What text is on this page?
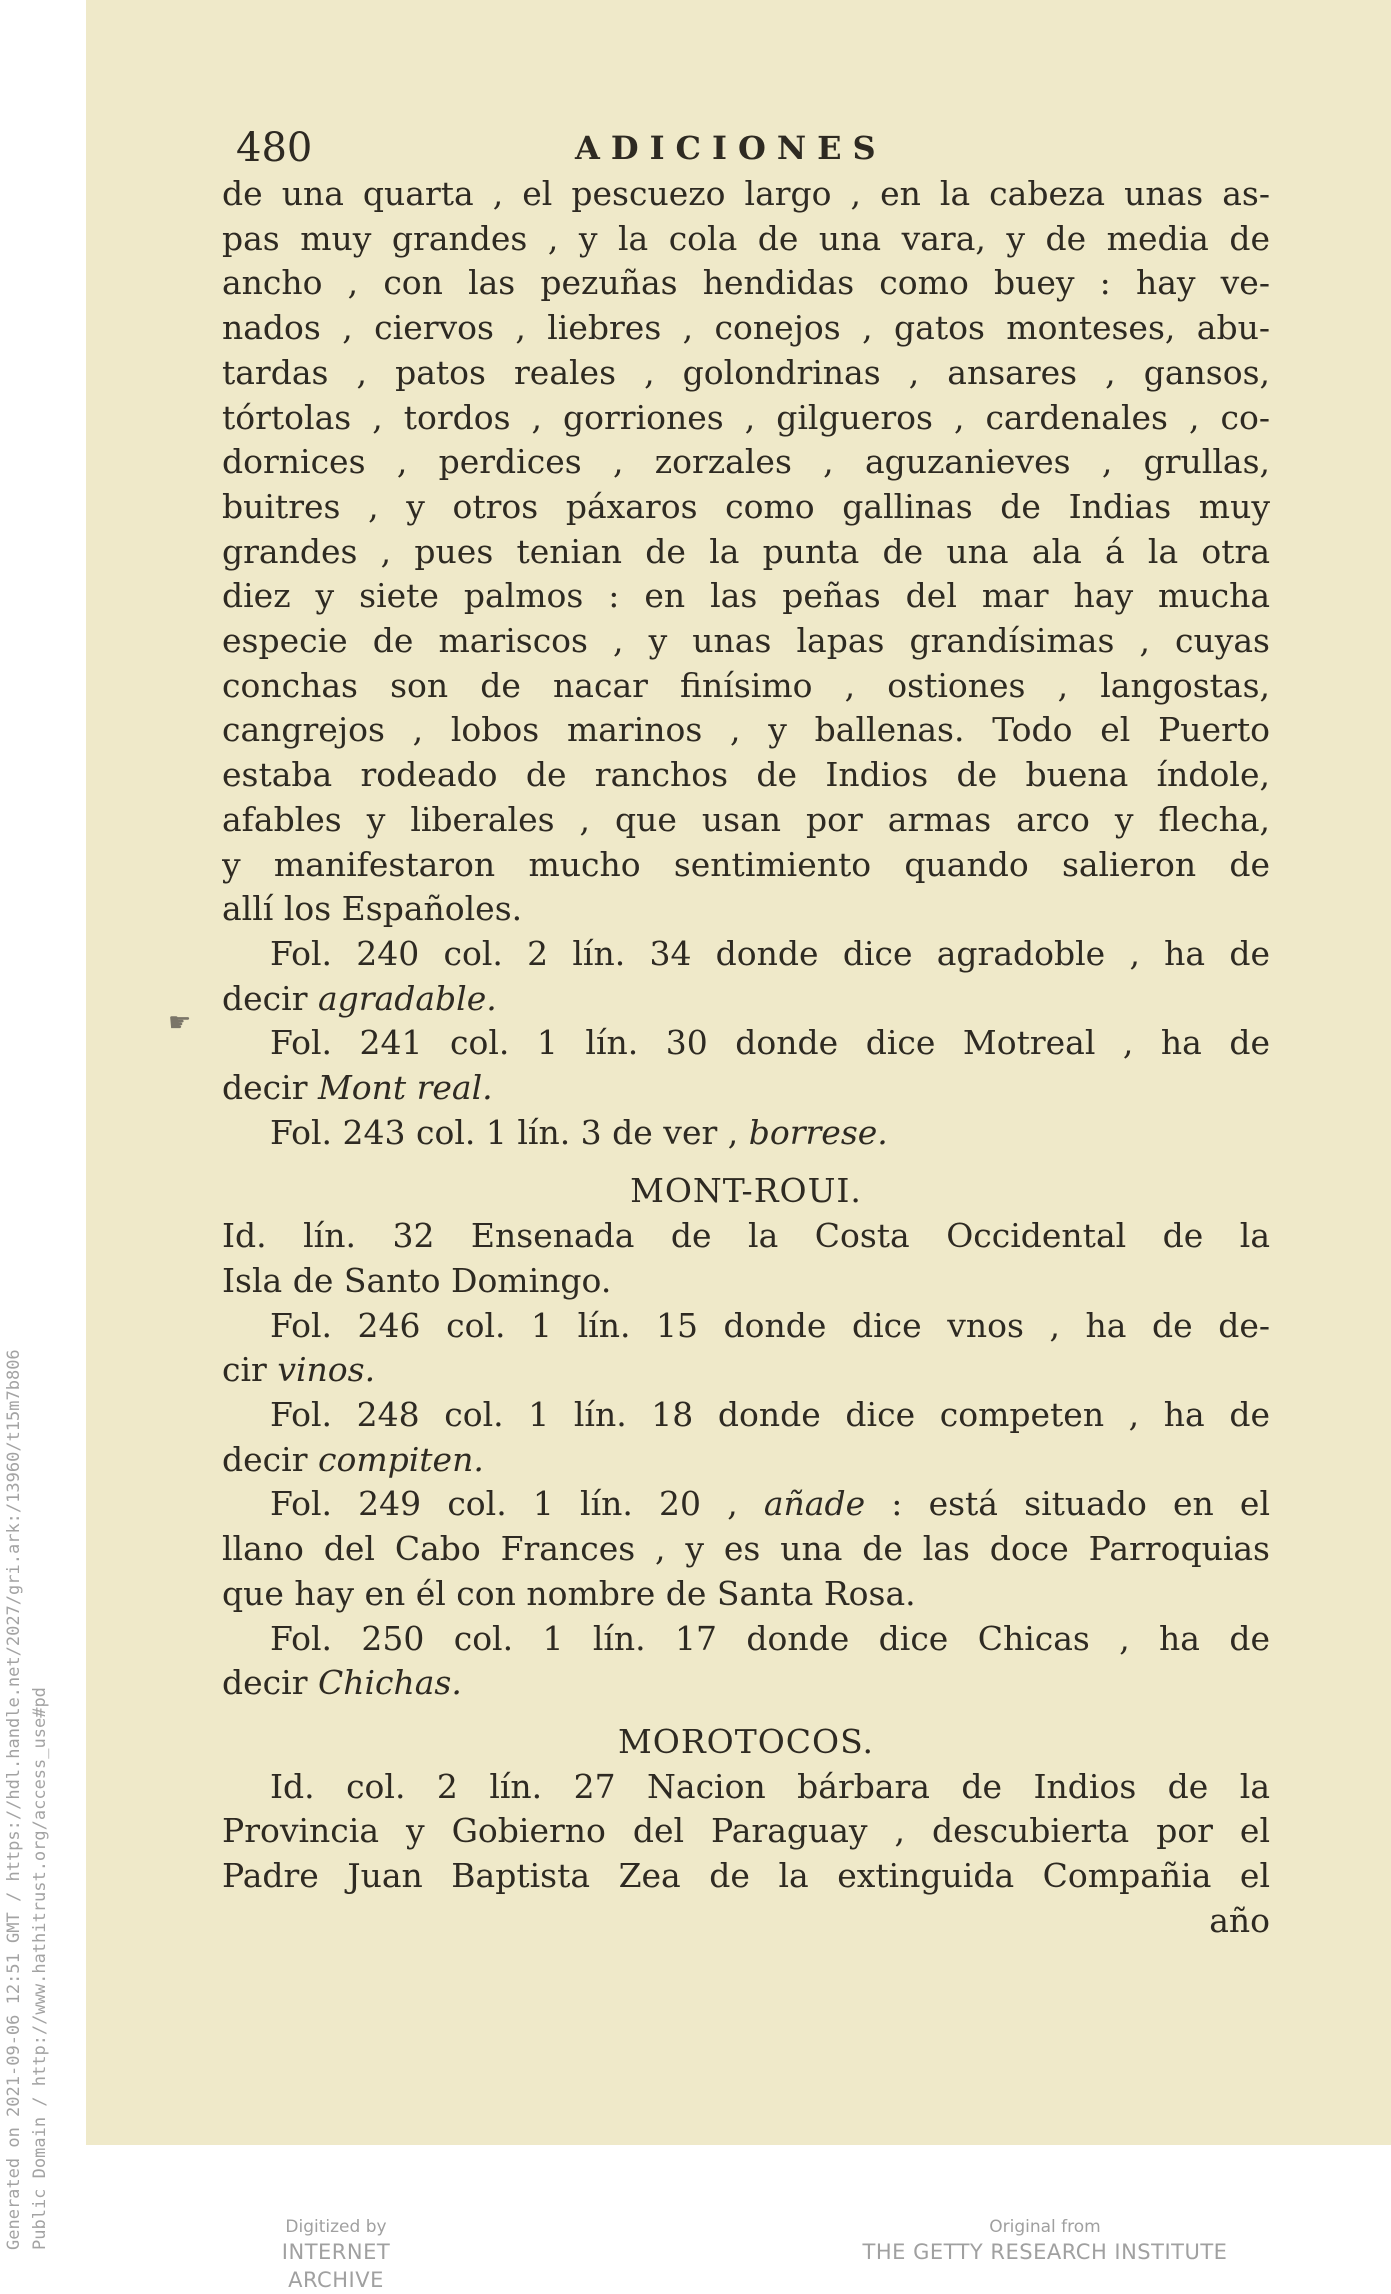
Generated on 2021-09-06 12:51 GMT / https://hdl.handle.net/2027/gri.ark:/13960/t15m7b806 Public Domain / http://www.hathitrust.org/access_use#pd
480	ADICIONES
de una quarta , el pescuezo largo , en la cabeza unas as-
pas muy grandes , y la cola de una vara, y de media de
ancho , con las pezuñas hendidas como buey : hay ve-
nados , ciervos , liebres , conejos , gatos monteses, abu-
tardas , patos reales , golondrinas , ansares , gansos,
tórtolas , tordos , gorriones , gilgueros , cardenales , co-
dornices , perdices , zorzales , aguzanieves , grullas,
buitres , y otros páxaros como gallinas de Indias muy
grandes , pues tenian de la punta de una ala á la otra
diez y siete palmos : en las peñas del mar hay mucha
especie de mariscos , y unas lapas grandísimas , cuyas
conchas son de nacar finísimo , ostiones , langostas,
cangrejos , lobos marinos , y ballenas. Todo el Puerto
estaba rodeado de ranchos de Indios de buena índole,
afables y liberales , que usan por armas arco y flecha,
y manifestaron mucho sentimiento quando salieron de
allí los Españoles.
Fol. 240 col. 2 lín. 34 donde dice agradoble , ha de
decir agradable.
Fol. 241 col. 1 lín. 30 donde dice Motreal , ha de
decir Mont real.
Fol. 243 col. 1 lín. 3 de ver , borrese.
MONT-ROUI.
Id. lín. 32 Ensenada de la Costa Occidental de la
Isla de Santo Domingo.
Fol. 246 col. 1 lín. 15 donde dice vnos , ha de de-
cir vinos.
Fol. 248 col. 1 lín. 18 donde dice competen , ha de
decir compiten.
Fol. 249 col. 1 lín. 20 , añade : está situado en el
llano del Cabo Frances , y es una de las doce Parroquias
que hay en él con nombre de Santa Rosa.
Fol. 250 col. 1 lín. 17 donde dice Chicas , ha de
decir Chichas.
MOROTOCOS.
Id. col. 2 lín. 27 Nacion bárbara de Indios de la
Provincia y Gobierno del Paraguay , descubierta por el
Padre Juan Baptista Zea de la extinguida Compañia el
año
☛
Digitized by
INTERNET ARCHIVE
Original from
THE GETTY RESEARCH INSTITUTE
